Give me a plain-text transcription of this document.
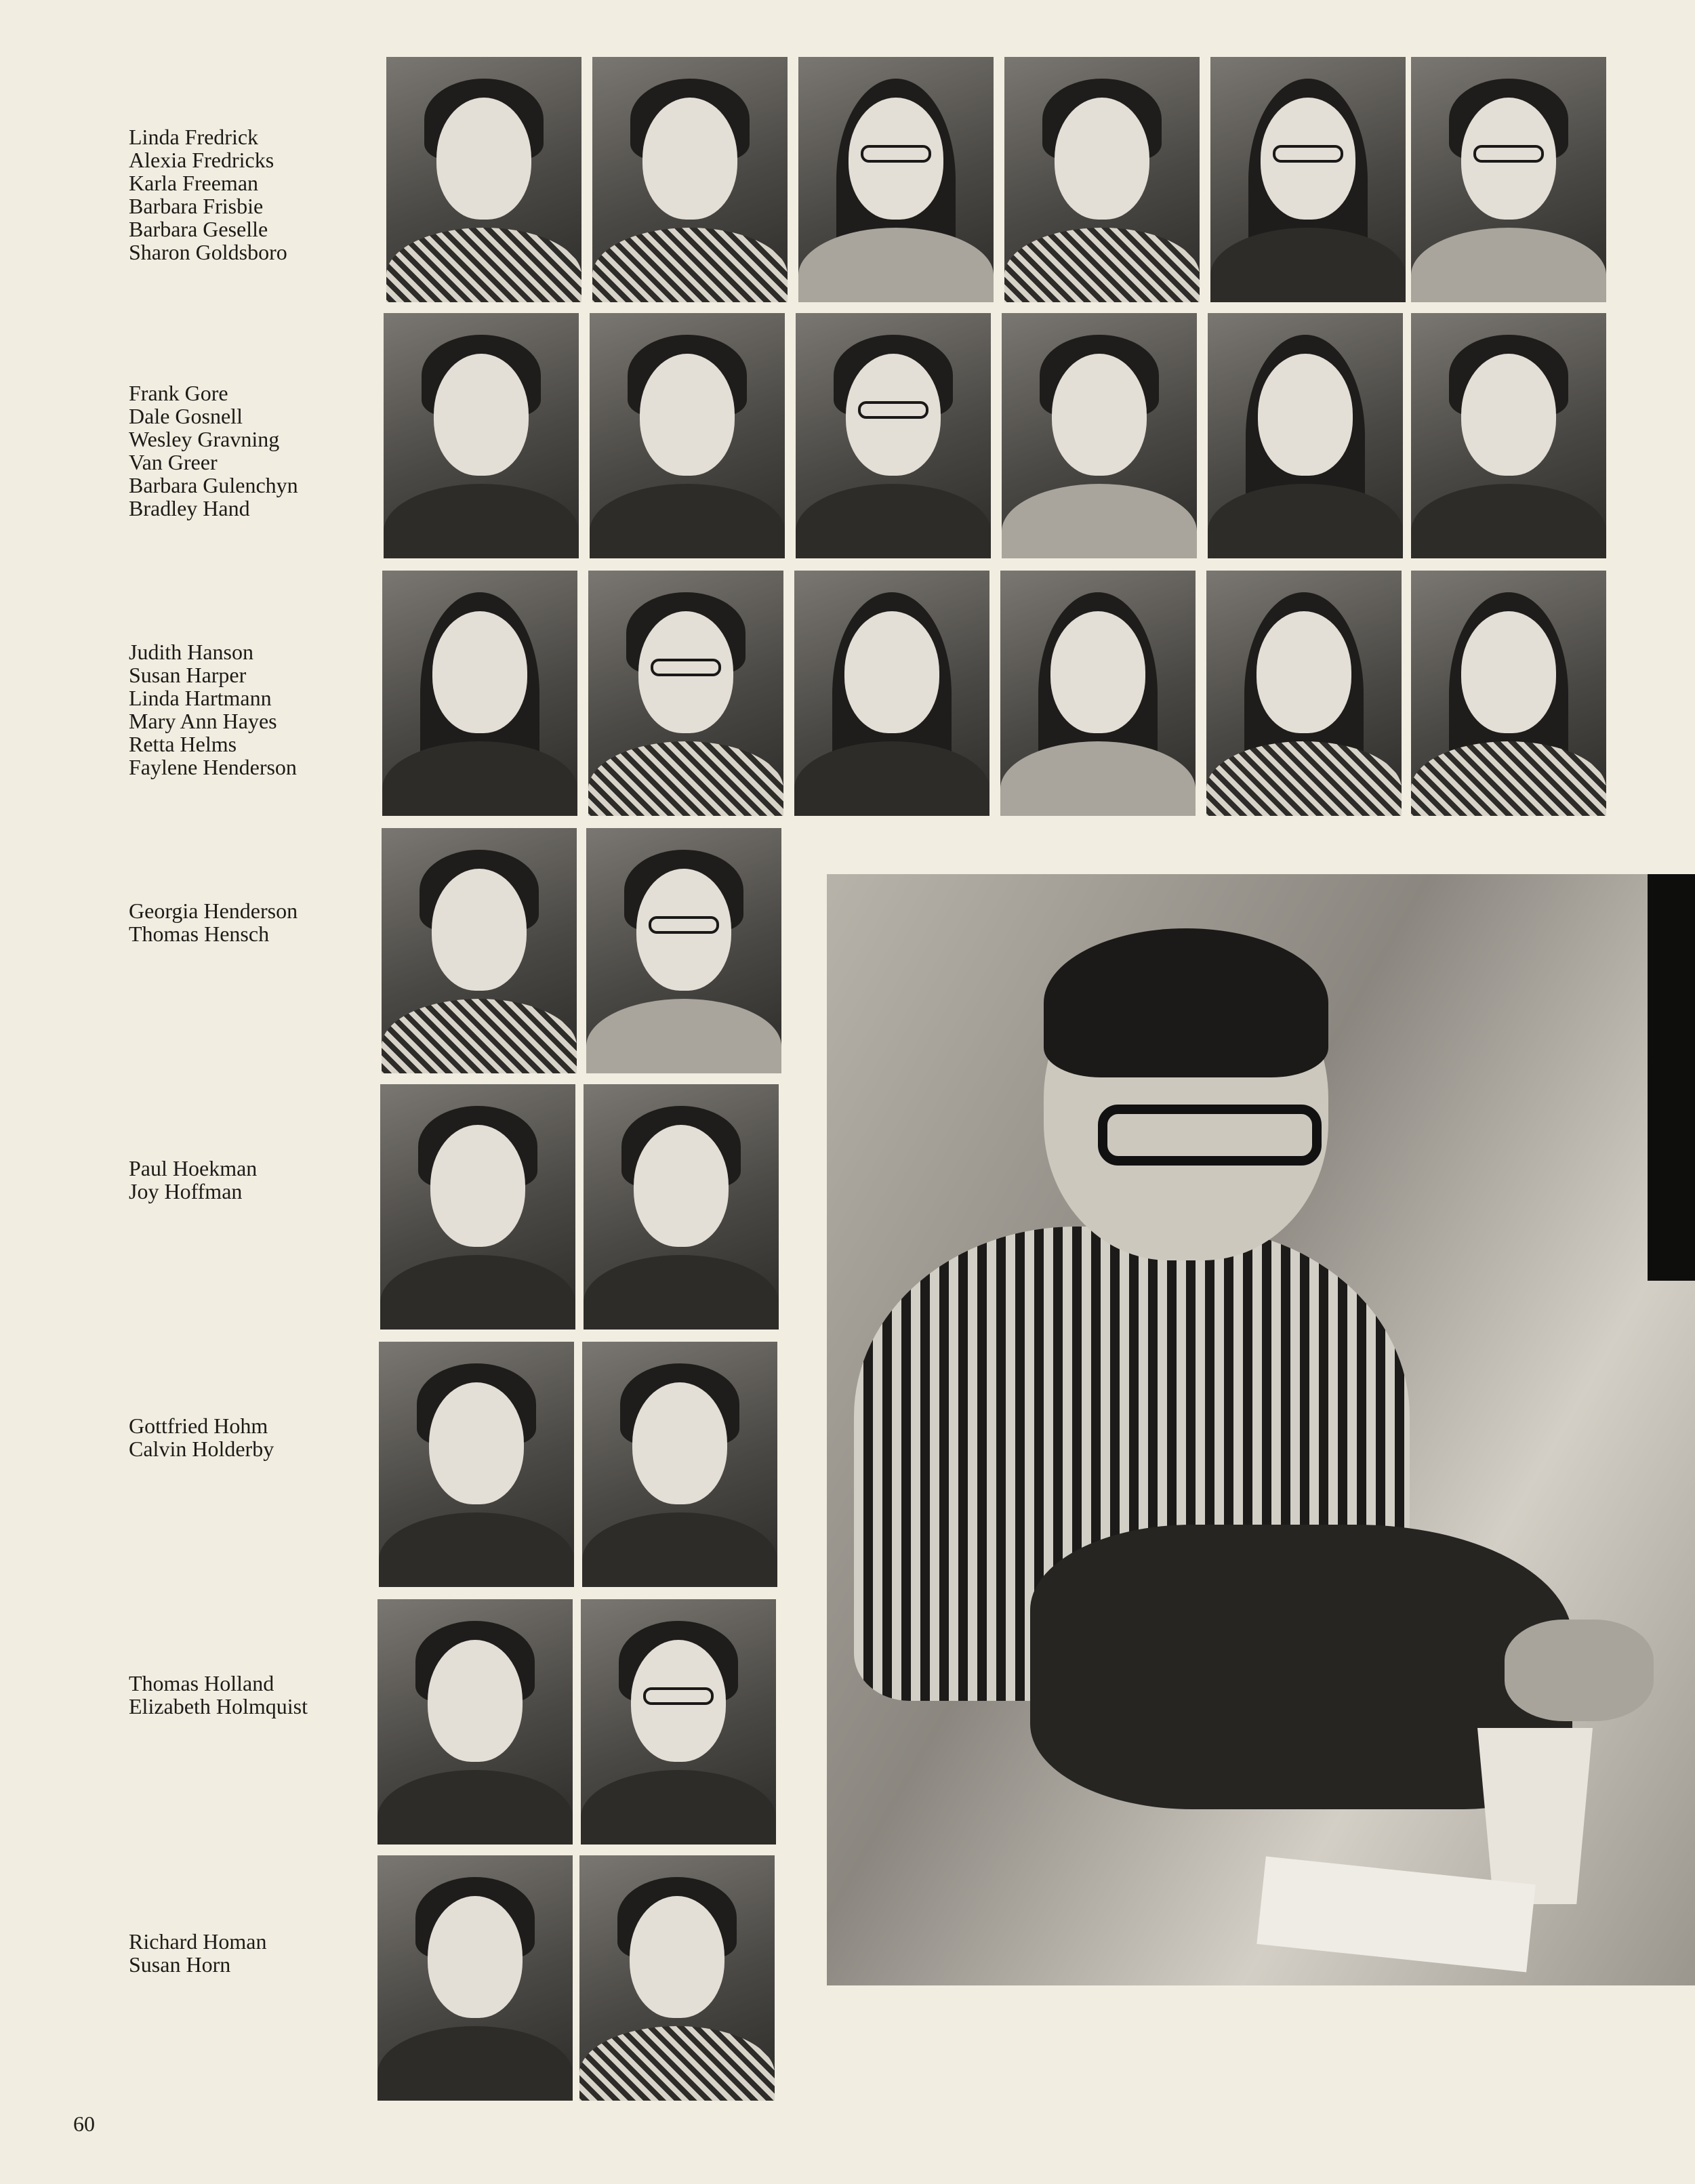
Linda Fredrick
Alexia Fredricks
Karla Freeman
Barbara Frisbie
Barbara Geselle
Sharon Goldsboro
Frank Gore
Dale Gosnell
Wesley Gravning
Van Greer
Barbara Gulenchyn
Bradley Hand
Judith Hanson
Susan Harper
Linda Hartmann
Mary Ann Hayes
Retta Helms
Faylene Henderson
Georgia Henderson
Thomas Hensch
Paul Hoekman
Joy Hoffman
Gottfried Hohm
Calvin Holderby
Thomas Holland
Elizabeth Holmquist
Richard Homan
Susan Horn
60
